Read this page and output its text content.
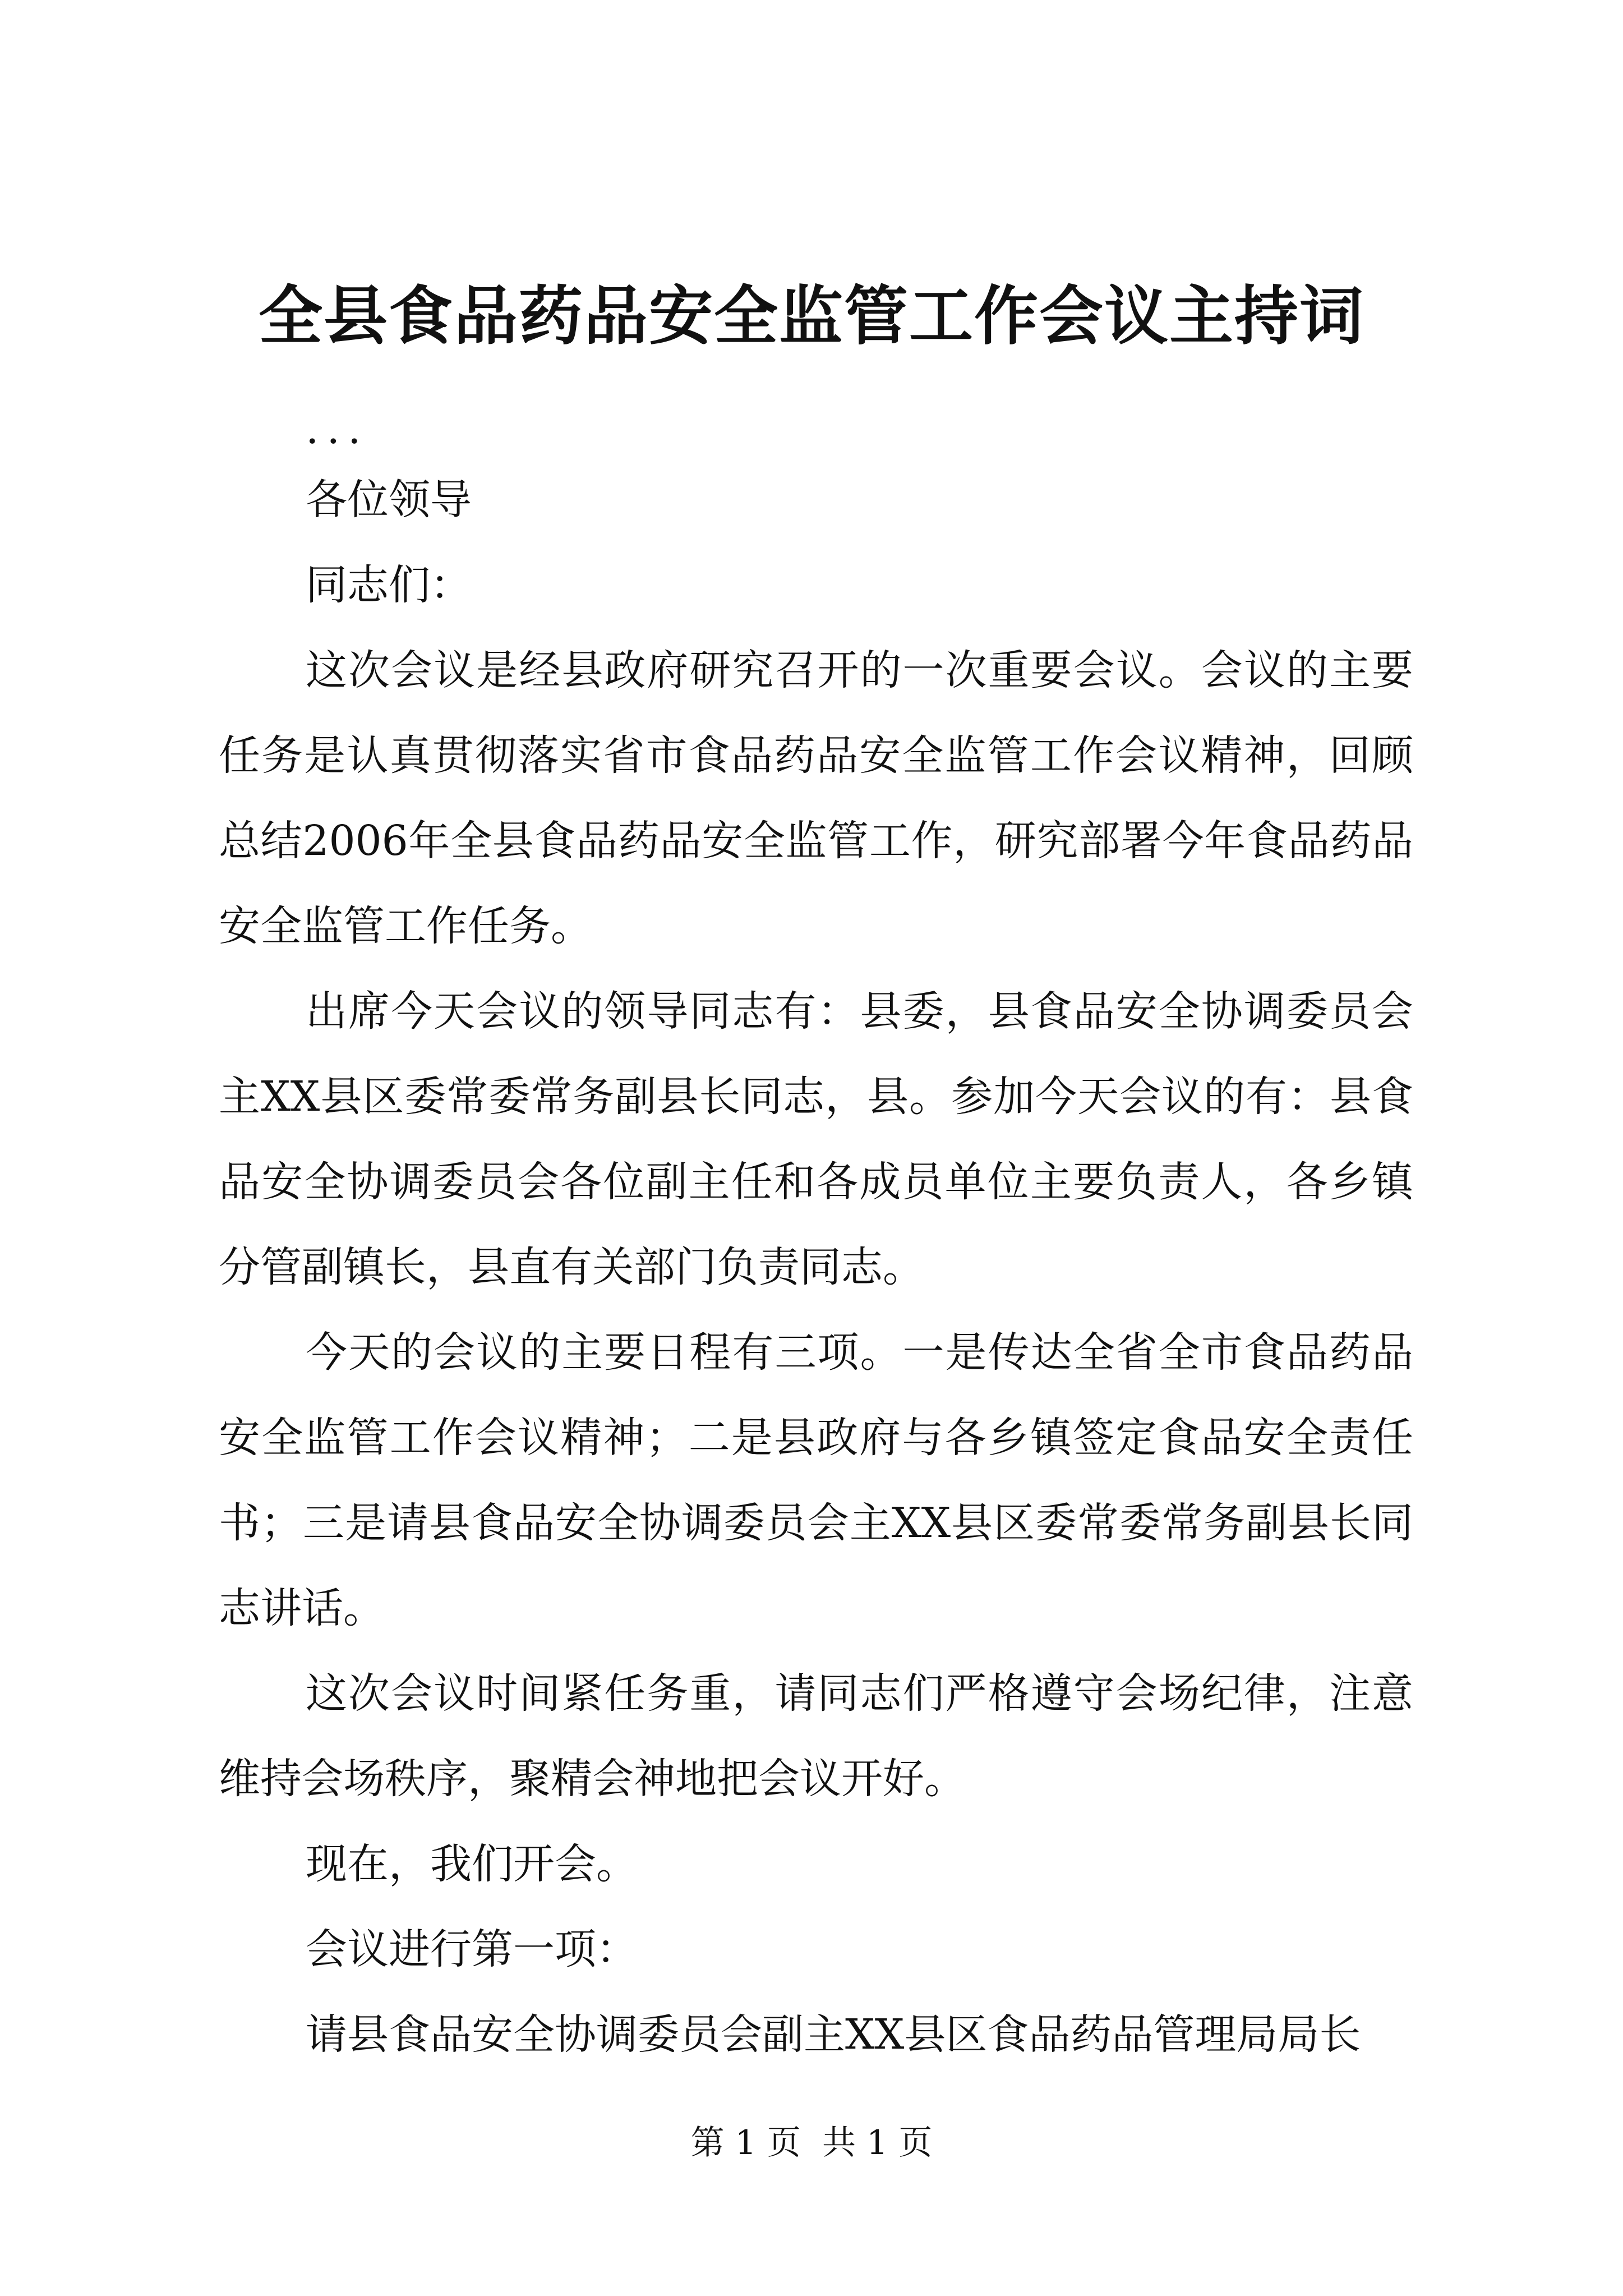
全县食品药品安全监管工作会议主持词
...

各位领导

同志们：

这次会议是经县政府研究召开的一次重要会议。会议的主要任务是认真贯彻落实省市食品药品安全监管工作会议精神，回顾总结2006年全县食品药品安全监管工作，研究部署今年食品药品安全监管工作任务。

出席今天会议的领导同志有：县委，县食品安全协调委员会主XX县区委常委常务副县长同志，县。参加今天会议的有：县食品安全协调委员会各位副主任和各成员单位主要负责人，各乡镇分管副镇长，县直有关部门负责同志。

今天的会议的主要日程有三项。一是传达全省全市食品药品安全监管工作会议精神；二是县政府与各乡镇签定食品安全责任书；三是请县食品安全协调委员会主XX县区委常委常务副县长同志讲话。

这次会议时间紧任务重，请同志们严格遵守会场纪律，注意维持会场秩序，聚精会神地把会议开好。

现在，我们开会。

会议进行第一项：

请县食品安全协调委员会副主XX县区食品药品管理局局长

第 1 页  共 1 页
